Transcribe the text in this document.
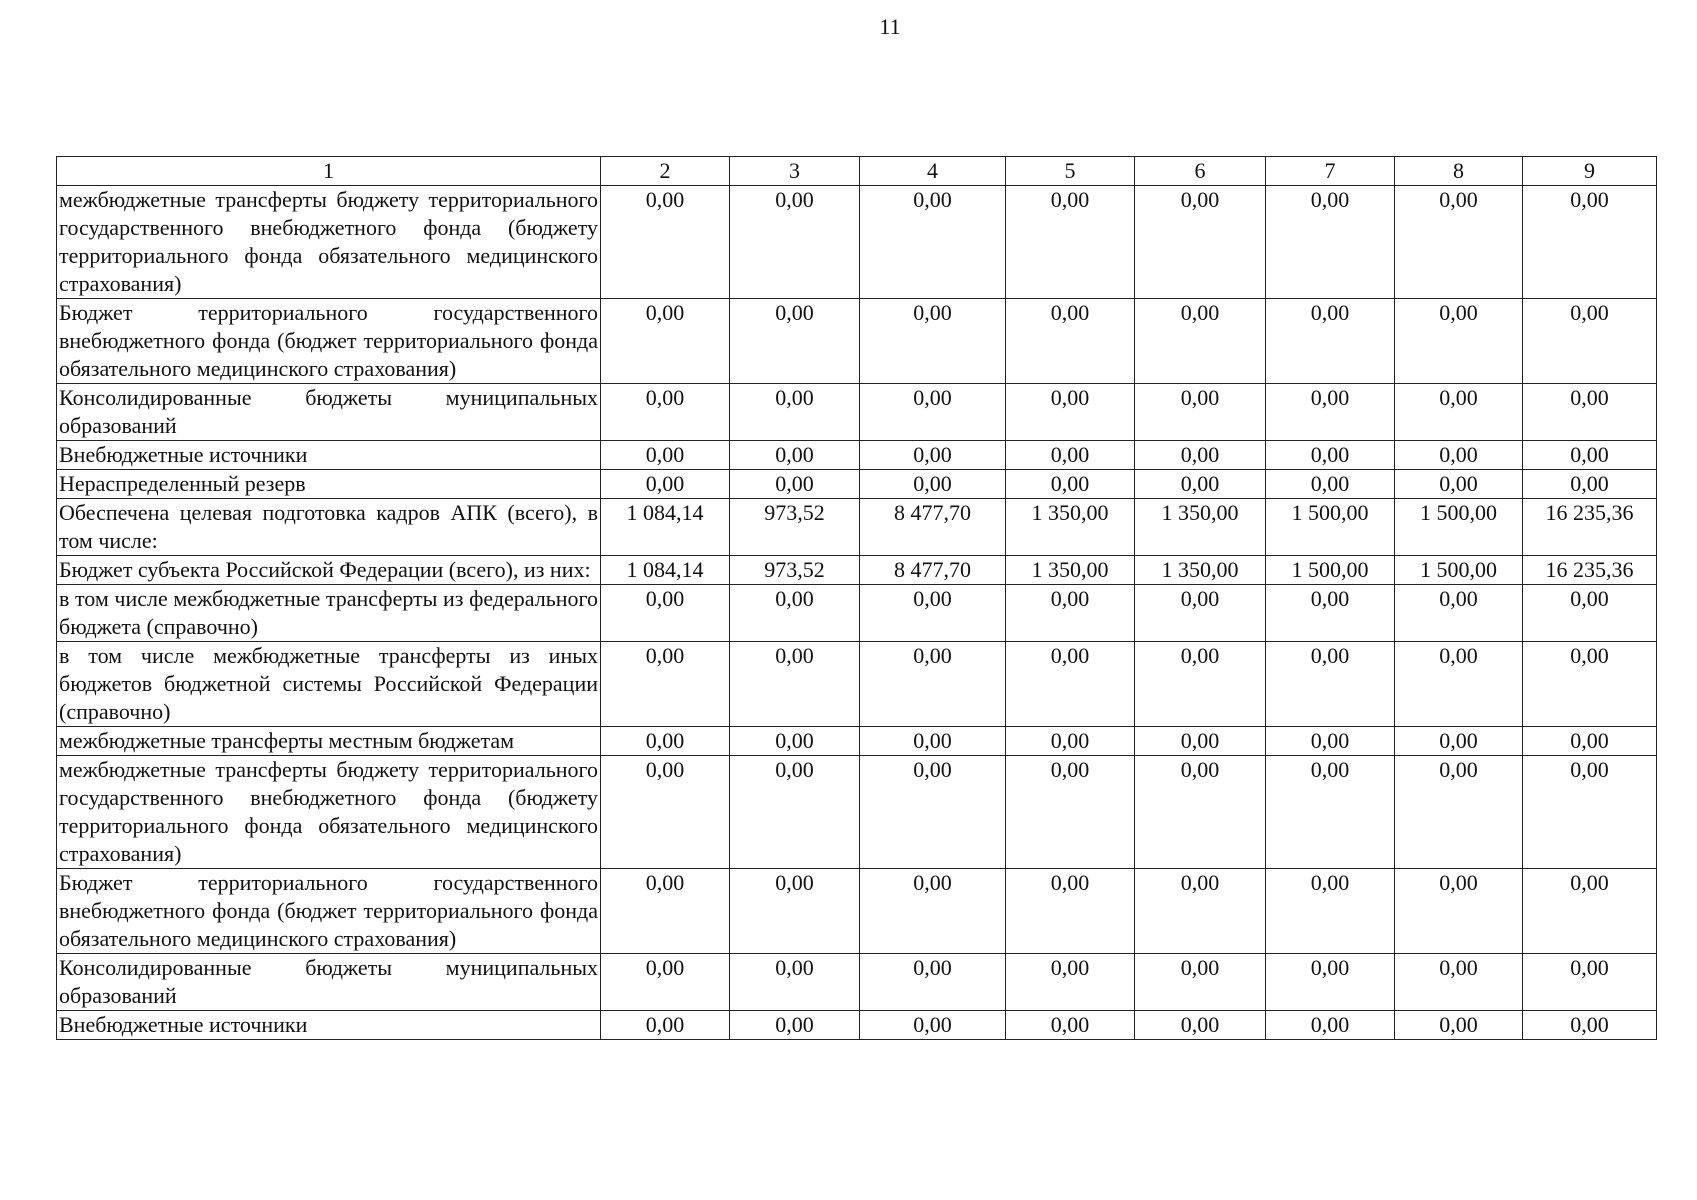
11
1	2	3	4	5	6	7	8	9
межбюджетные трансферты бюджету территориального государственного внебюджетного фонда (бюджету территориального фонда обязательного медицинского страхования)	0,00	0,00	0,00	0,00	0,00	0,00	0,00	0,00
Бюджет территориального государственного внебюджетного фонда (бюджет территориального фонда обязательного медицинского страхования)	0,00	0,00	0,00	0,00	0,00	0,00	0,00	0,00
Консолидированные бюджеты муниципальных образований	0,00	0,00	0,00	0,00	0,00	0,00	0,00	0,00
Внебюджетные источники	0,00	0,00	0,00	0,00	0,00	0,00	0,00	0,00
Нераспределенный резерв	0,00	0,00	0,00	0,00	0,00	0,00	0,00	0,00
Обеспечена целевая подготовка кадров АПК (всего), в том числе:	1 084,14	973,52	8 477,70	1 350,00	1 350,00	1 500,00	1 500,00	16 235,36
Бюджет субъекта Российской Федерации (всего), из них:	1 084,14	973,52	8 477,70	1 350,00	1 350,00	1 500,00	1 500,00	16 235,36
в том числе межбюджетные трансферты из федерального бюджета (справочно)	0,00	0,00	0,00	0,00	0,00	0,00	0,00	0,00
в том числе межбюджетные трансферты из иных бюджетов бюджетной системы Российской Федерации (справочно)	0,00	0,00	0,00	0,00	0,00	0,00	0,00	0,00
межбюджетные трансферты местным бюджетам	0,00	0,00	0,00	0,00	0,00	0,00	0,00	0,00
межбюджетные трансферты бюджету территориального государственного внебюджетного фонда (бюджету территориального фонда обязательного медицинского страхования)	0,00	0,00	0,00	0,00	0,00	0,00	0,00	0,00
Бюджет территориального государственного внебюджетного фонда (бюджет территориального фонда обязательного медицинского страхования)	0,00	0,00	0,00	0,00	0,00	0,00	0,00	0,00
Консолидированные бюджеты муниципальных образований	0,00	0,00	0,00	0,00	0,00	0,00	0,00	0,00
Внебюджетные источники	0,00	0,00	0,00	0,00	0,00	0,00	0,00	0,00
